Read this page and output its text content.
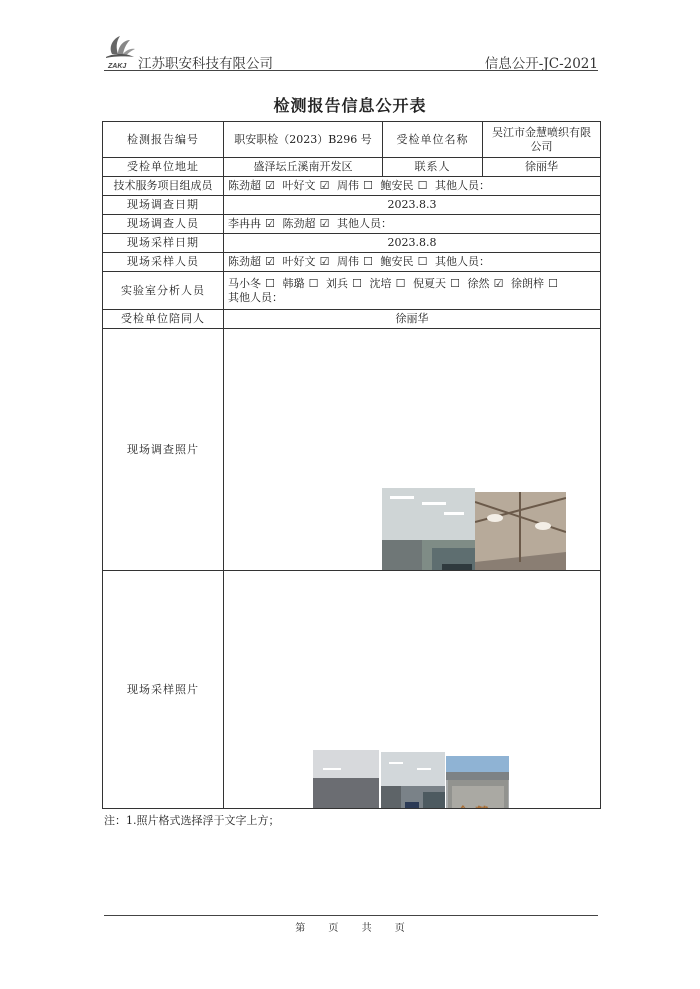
ZAKJ 江苏职安科技有限公司	信息公开-JC-2021
检测报告信息公开表
检测报告编号	职安职检（2023）B296 号	受检单位名称	吴江市金慧喷织有限公司
受检单位地址	盛泽坛丘溪南开发区	联系人	徐丽华
技术服务项目组成员	陈劲超 ☑ 叶好文 ☑ 周伟 ☐ 鲍安民 ☐ 其他人员：		
现场调查日期	2023.8.3		
现场调查人员	李冉冉 ☑ 陈劲超 ☑ 其他人员：		
现场采样日期	2023.8.8		
现场采样人员	陈劲超 ☑ 叶好文 ☑ 周伟 ☐ 鲍安民 ☐ 其他人员：		
实验室分析人员	马小冬 ☐ 韩璐 ☐ 刘兵 ☐ 沈培 ☐ 倪夏天 ☐ 徐然 ☑ 徐朗梓 ☐
其他人员：		

受检单位陪同人	徐丽华		
现场调查照片	金 慧		

现场采样照片	金 慧		
注：1.照片格式选择浮于文字上方；
第 页 共 页
